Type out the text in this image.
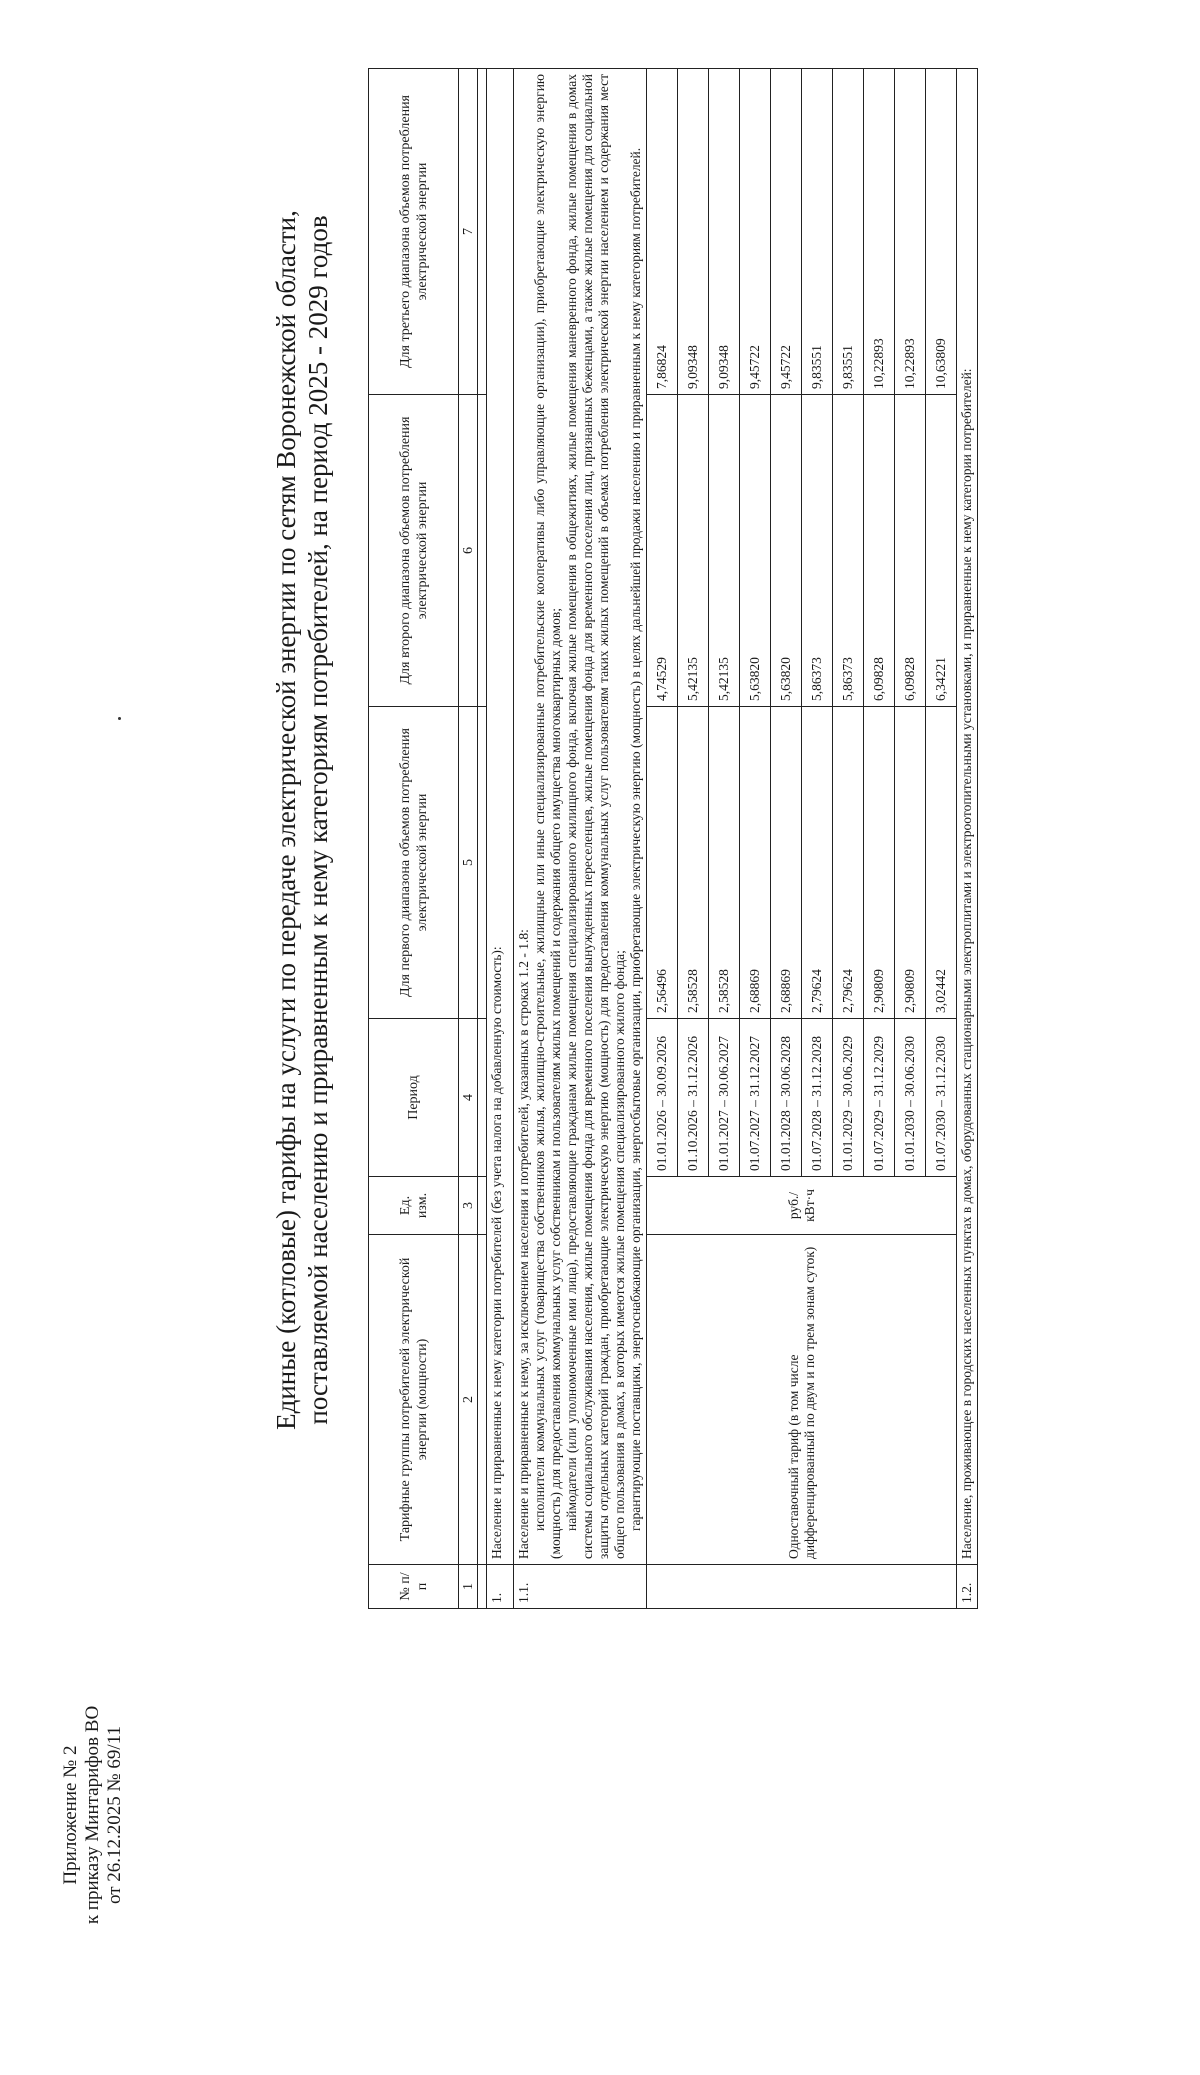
Приложение № 2 к приказу Минтарифов ВО от 26.12.2025 № 69/11
Единые (котловые) тарифы на услуги по передаче электрической энергии по сетям Воронежской области, поставляемой населению и приравненным к нему категориям потребителей, на период 2025 - 2029 годов
№ п/п	Тарифные группы потребителей электрической энергии (мощности)	Ед. изм.	Период	Для первого диапазона объемов потребления электрической энергии	Для второго диапазона объемов потребления электрической энергии	Для третьего диапазона объемов потребления электрической энергии
1	2	3	4	5	6	7

1.	Население и приравненные к нему категории потребителей (без учета налога на добавленную стоимость):					
1.1.	Население и приравненные к нему, за исключением населения и потребителей, указанных в строках 1.2 - 1.8: исполнители коммунальных услуг (товарищества собственников жилья, жилищно-строительные, жилищные или иные специализированные потребительские кооперативы либо управляющие организации), приобретающие электрическую энергию (мощность) для предоставления коммунальных услуг собственникам и пользователям жилых помещений и содержания общего имущества многоквартирных домов; наймодатели (или уполномоченные ими лица), предоставляющие гражданам жилые помещения специализированного жилищного фонда, включая жилые помещения в общежитиях, жилые помещения маневренного фонда, жилые помещения в домах системы социального обслуживания населения, жилые помещения фонда для временного поселения вынужденных переселенцев, жилые помещения фонда для временного поселения лиц, признанных беженцами, а также жилые помещения для социальной защиты отдельных категорий граждан, приобретающие электрическую энергию (мощность) для предоставления коммунальных услуг пользователям таких жилых помещений в объемах потребления электрической энергии населением и содержания мест общего пользования в домах, в которых имеются жилые помещения специализированного жилого фонда; гарантирующие поставщики, энергоснабжающие организации, энергосбытовые организации, приобретающие электрическую энергию (мощность) в целях дальнейшей продажи населению и приравненным к нему категориям потребителей.					

	Одноставочный тариф (в том числе дифференцированный по двум и по трем зонам суток)	руб./ кВт·ч	01.01.2026 – 30.09.2026	2,56496	4,74529	7,86824
			01.10.2026 – 31.12.2026	2,58528	5,42135	9,09348
			01.01.2027 – 30.06.2027	2,58528	5,42135	9,09348
			01.07.2027 – 31.12.2027	2,68869	5,63820	9,45722
			01.01.2028 – 30.06.2028	2,68869	5,63820	9,45722
			01.07.2028 – 31.12.2028	2,79624	5,86373	9,83551
			01.01.2029 – 30.06.2029	2,79624	5,86373	9,83551
			01.07.2029 – 31.12.2029	2,90809	6,09828	10,22893
			01.01.2030 – 30.06.2030	2,90809	6,09828	10,22893
			01.07.2030 – 31.12.2030	3,02442	6,34221	10,63809
1.2.	Население, проживающее в городских населенных пунктах в домах, оборудованных стационарными электроплитами и электроотопительными установками, и приравненные к нему категории потребителей:					
